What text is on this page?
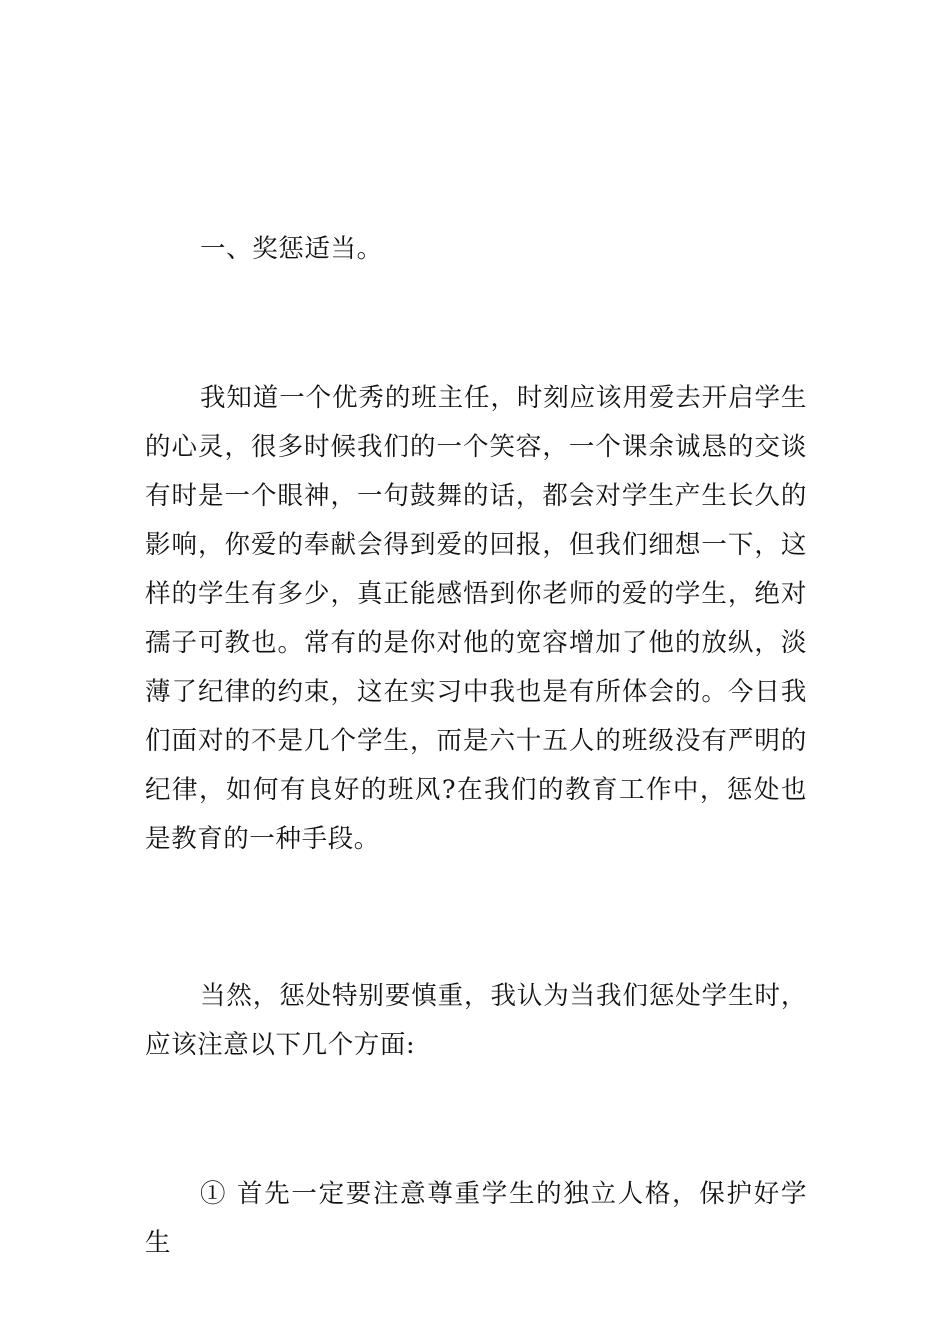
一、奖惩适当。

我知道一个优秀的班主任，时刻应该用爱去开启学生的心灵，很多时候我们的一个笑容，一个课余诚恳的交谈有时是一个眼神，一句鼓舞的话，都会对学生产生长久的影响，你爱的奉献会得到爱的回报，但我们细想一下，这样的学生有多少，真正能感悟到你老师的爱的学生，绝对孺子可教也。常有的是你对他的宽容增加了他的放纵，淡薄了纪律的约束，这在实习中我也是有所体会的。今日我们面对的不是几个学生，而是六十五人的班级没有严明的纪律，如何有良好的班风?在我们的教育工作中，惩处也是教育的一种手段。

当然，惩处特别要慎重，我认为当我们惩处学生时，应该注意以下几个方面:

① 首先一定要注意尊重学生的独立人格，保护好学生
